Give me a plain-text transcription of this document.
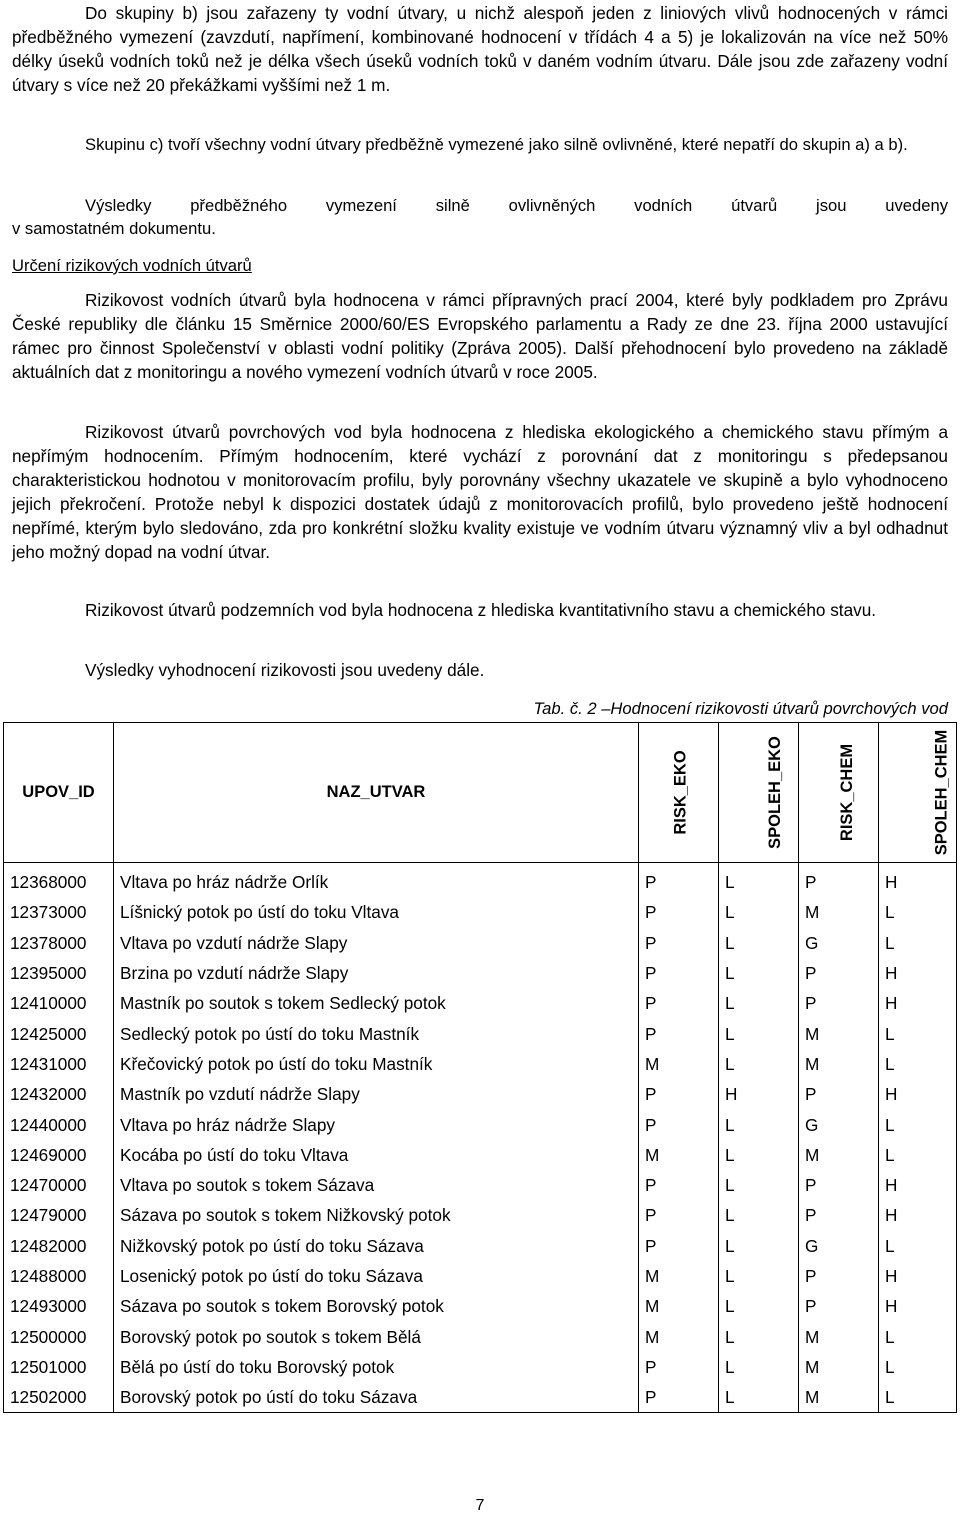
Do skupiny b) jsou zařazeny ty vodní útvary, u nichž alespoň jeden z liniových vlivů hodnocených v rámci předběžného vymezení (zavzdutí, napřímení, kombinované hodnocení v třídách 4 a 5) je lokalizován na více než 50% délky úseků vodních toků než je délka všech úseků vodních toků v daném vodním útvaru. Dále jsou zde zařazeny vodní útvary s více než 20 překážkami vyššími než 1 m.

Skupinu c) tvoří všechny vodní útvary předběžně vymezené jako silně ovlivněné, které nepatří do skupin a) a b).

Výsledky předběžného vymezení silně ovlivněných vodních útvarů jsou uvedeny
v samostatném dokumentu.

Určení rizikových vodních útvarů

Rizikovost vodních útvarů byla hodnocena v rámci přípravných prací 2004, které byly podkladem pro Zprávu České republiky dle článku 15 Směrnice 2000/60/ES Evropského parlamentu a Rady ze dne 23. října 2000 ustavující rámec pro činnost Společenství v oblasti vodní politiky (Zpráva 2005). Další přehodnocení bylo provedeno na základě aktuálních dat z monitoringu a nového vymezení vodních útvarů v roce 2005.

Rizikovost útvarů povrchových vod byla hodnocena z hlediska ekologického a chemického stavu přímým a nepřímým hodnocením. Přímým hodnocením, které vychází z porovnání dat z monitoringu s předepsanou charakteristickou hodnotou v monitorovacím profilu, byly porovnány všechny ukazatele ve skupině a bylo vyhodnoceno jejich překročení. Protože nebyl k dispozici dostatek údajů z monitorovacích profilů, bylo provedeno ještě hodnocení nepřímé, kterým bylo sledováno, zda pro konkrétní složku kvality existuje ve vodním útvaru významný vliv a byl odhadnut jeho možný dopad na vodní útvar.

Rizikovost útvarů podzemních vod byla hodnocena z hlediska kvantitativního stavu a chemického stavu.

Výsledky vyhodnocení rizikovosti jsou uvedeny dále.

Tab. č. 2 –Hodnocení rizikovosti útvarů povrchových vod

UPOV_ID	NAZ_UTVAR	RISK_EKO	SPOLEH_EKO	RISK_CHEM	SPOLEH_CHEM
12368000	Vltava po hráz nádrže Orlík	P	L	P	H
12373000	Líšnický potok po ústí do toku Vltava	P	L	M	L
12378000	Vltava po vzdutí nádrže Slapy	P	L	G	L
12395000	Brzina po vzdutí nádrže Slapy	P	L	P	H
12410000	Mastník po soutok s tokem Sedlecký potok	P	L	P	H
12425000	Sedlecký potok po ústí do toku Mastník	P	L	M	L
12431000	Křečovický potok po ústí do toku Mastník	M	L	M	L
12432000	Mastník po vzdutí nádrže Slapy	P	H	P	H
12440000	Vltava po hráz nádrže Slapy	P	L	G	L
12469000	Kocába po ústí do toku Vltava	M	L	M	L
12470000	Vltava po soutok s tokem Sázava	P	L	P	H
12479000	Sázava po soutok s tokem Nižkovský potok	P	L	P	H
12482000	Nižkovský potok po ústí do toku Sázava	P	L	G	L
12488000	Losenický potok po ústí do toku Sázava	M	L	P	H
12493000	Sázava po soutok s tokem Borovský potok	M	L	P	H
12500000	Borovský potok po soutok s tokem Bělá	M	L	M	L
12501000	Bělá po ústí do toku Borovský potok	P	L	M	L
12502000	Borovský potok po ústí do toku Sázava	P	L	M	L

7
